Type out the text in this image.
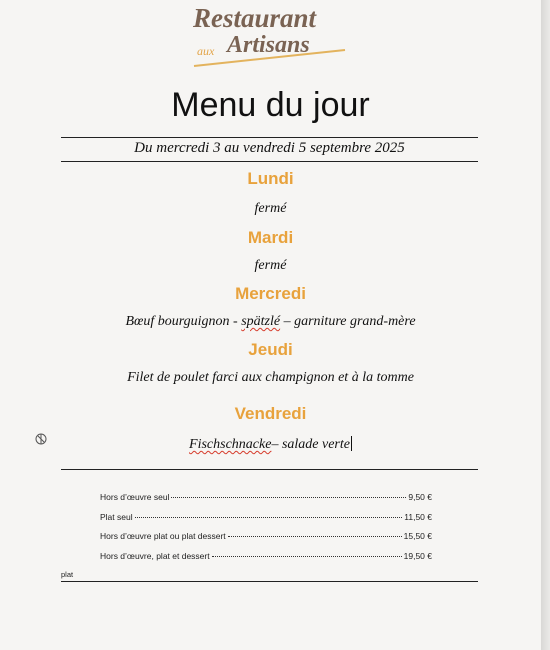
Restaurant
aux Artisans
Menu du jour
Du mercredi 3 au vendredi 5 septembre 2025
Lundi
fermé
Mardi
fermé
Mercredi
Bœuf bourguignon - spätzlé – garniture grand-mère
Jeudi
Filet de poulet farci aux champignon et à la tomme
Vendredi
Fischschnacke– salade verte
Hors d’œuvre seul	9,50 €
Plat seul	11,50 €
Hors d’œuvre plat ou plat dessert	15,50 €
Hors d’œuvre, plat et dessert	19,50 €
plat
